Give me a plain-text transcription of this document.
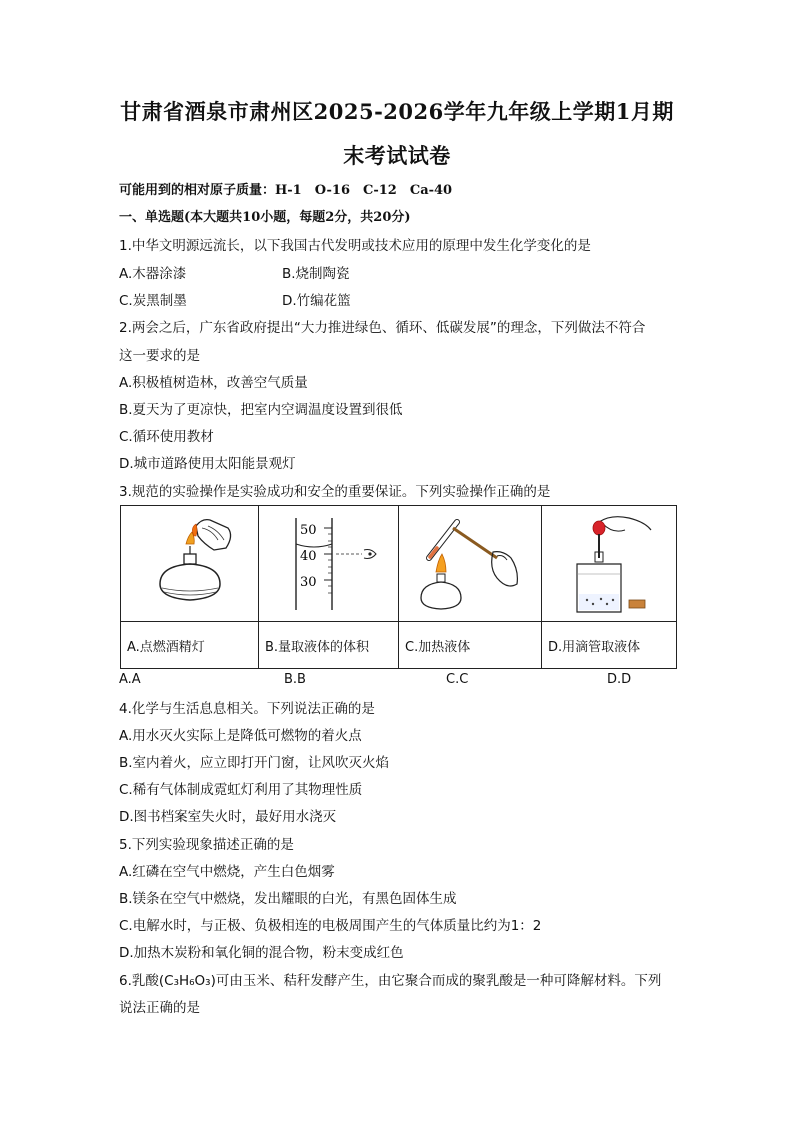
甘肃省酒泉市肃州区2025-2026学年九年级上学期1月期
末考试试卷
可能用到的相对原子质量：H-1　O-16　C-12　Ca-40
一、单选题(本大题共10小题，每题2分，共20分)
1.中华文明源远流长，以下我国古代发明或技术应用的原理中发生化学变化的是
A.木器涂漆	B.烧制陶瓷
C.炭黑制墨	D.竹编花篮
2.两会之后，广东省政府提出“大力推进绿色、循环、低碳发展”的理念，下列做法不符合
这一要求的是
A.积极植树造林，改善空气质量
B.夏天为了更凉快，把室内空调温度设置到很低
C.循环使用教材
D.城市道路使用太阳能景观灯
3.规范的实验操作是实验成功和安全的重要保证。下列实验操作正确的是

50
40
30

A.点燃酒精灯	B.量取液体的体积	C.加热液体	D.用滴管取液体
A.A	B.B	C.C	D.D
4.化学与生活息息相关。下列说法正确的是
A.用水灭火实际上是降低可燃物的着火点
B.室内着火，应立即打开门窗，让风吹灭火焰
C.稀有气体制成霓虹灯利用了其物理性质
D.图书档案室失火时，最好用水浇灭
5.下列实验现象描述正确的是
A.红磷在空气中燃烧，产生白色烟雾
B.镁条在空气中燃烧，发出耀眼的白光，有黑色固体生成
C.电解水时，与正极、负极相连的电极周围产生的气体质量比约为1：2
D.加热木炭粉和氧化铜的混合物，粉末变成红色
6.乳酸(C₃H₆O₃)可由玉米、秸秆发酵产生，由它聚合而成的聚乳酸是一种可降解材料。下列
说法正确的是
